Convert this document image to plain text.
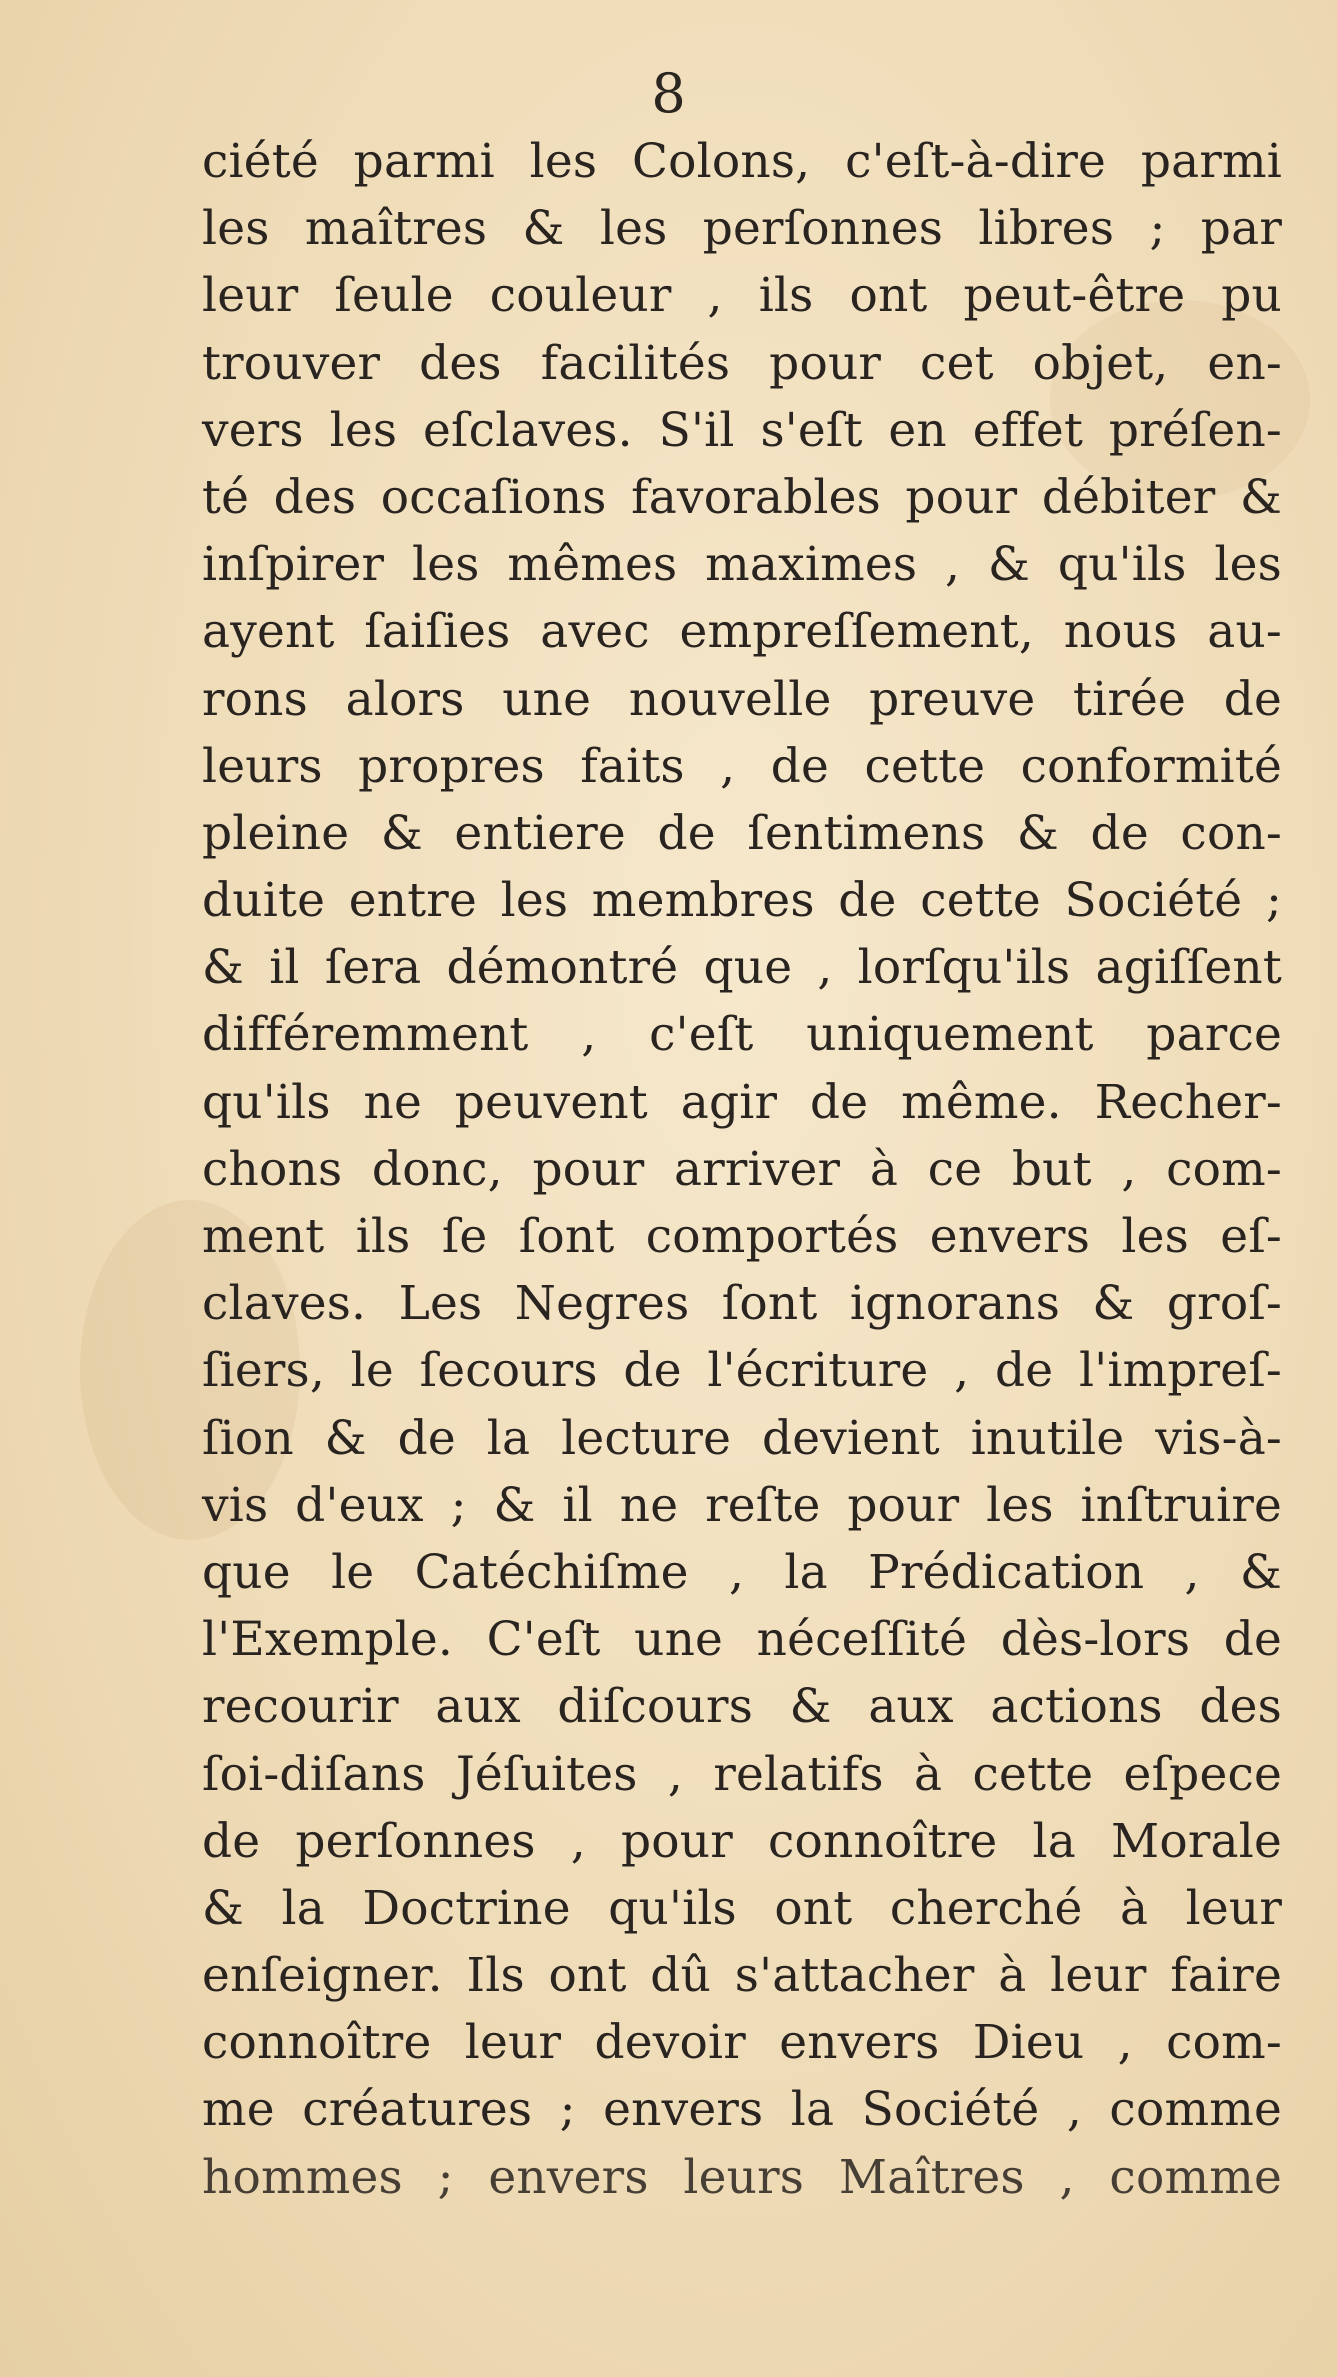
8
ciété parmi les Colons, c'eſt-à-dire parmi
les maîtres & les perſonnes libres ; par
leur ſeule couleur , ils ont peut-être pu
trouver des facilités pour cet objet, en-
vers les eſclaves. S'il s'eſt en effet préſen-
té des occaſions favorables pour débiter &
inſpirer les mêmes maximes , & qu'ils les
ayent ſaiſies avec empreſſement, nous au-
rons alors une nouvelle preuve tirée de
leurs propres faits , de cette conformité
pleine & entiere de ſentimens & de con-
duite entre les membres de cette Société ;
& il ſera démontré que , lorſqu'ils agiſſent
différemment , c'eſt uniquement parce
qu'ils ne peuvent agir de même. Recher-
chons donc, pour arriver à ce but , com-
ment ils ſe ſont comportés envers les eſ-
claves. Les Negres ſont ignorans & groſ-
ſiers, le ſecours de l'écriture , de l'impreſ-
ſion & de la lecture devient inutile vis-à-
vis d'eux ; & il ne reſte pour les inſtruire
que le Catéchiſme , la Prédication , &
l'Exemple. C'eſt une néceſſité dès-lors de
recourir aux diſcours & aux actions des
ſoi-diſans Jéſuites , relatifs à cette eſpece
de perſonnes , pour connoître la Morale
& la Doctrine qu'ils ont cherché à leur
enſeigner. Ils ont dû s'attacher à leur faire
connoître leur devoir envers Dieu , com-
me créatures ; envers la Société , comme
hommes ; envers leurs Maîtres , comme
